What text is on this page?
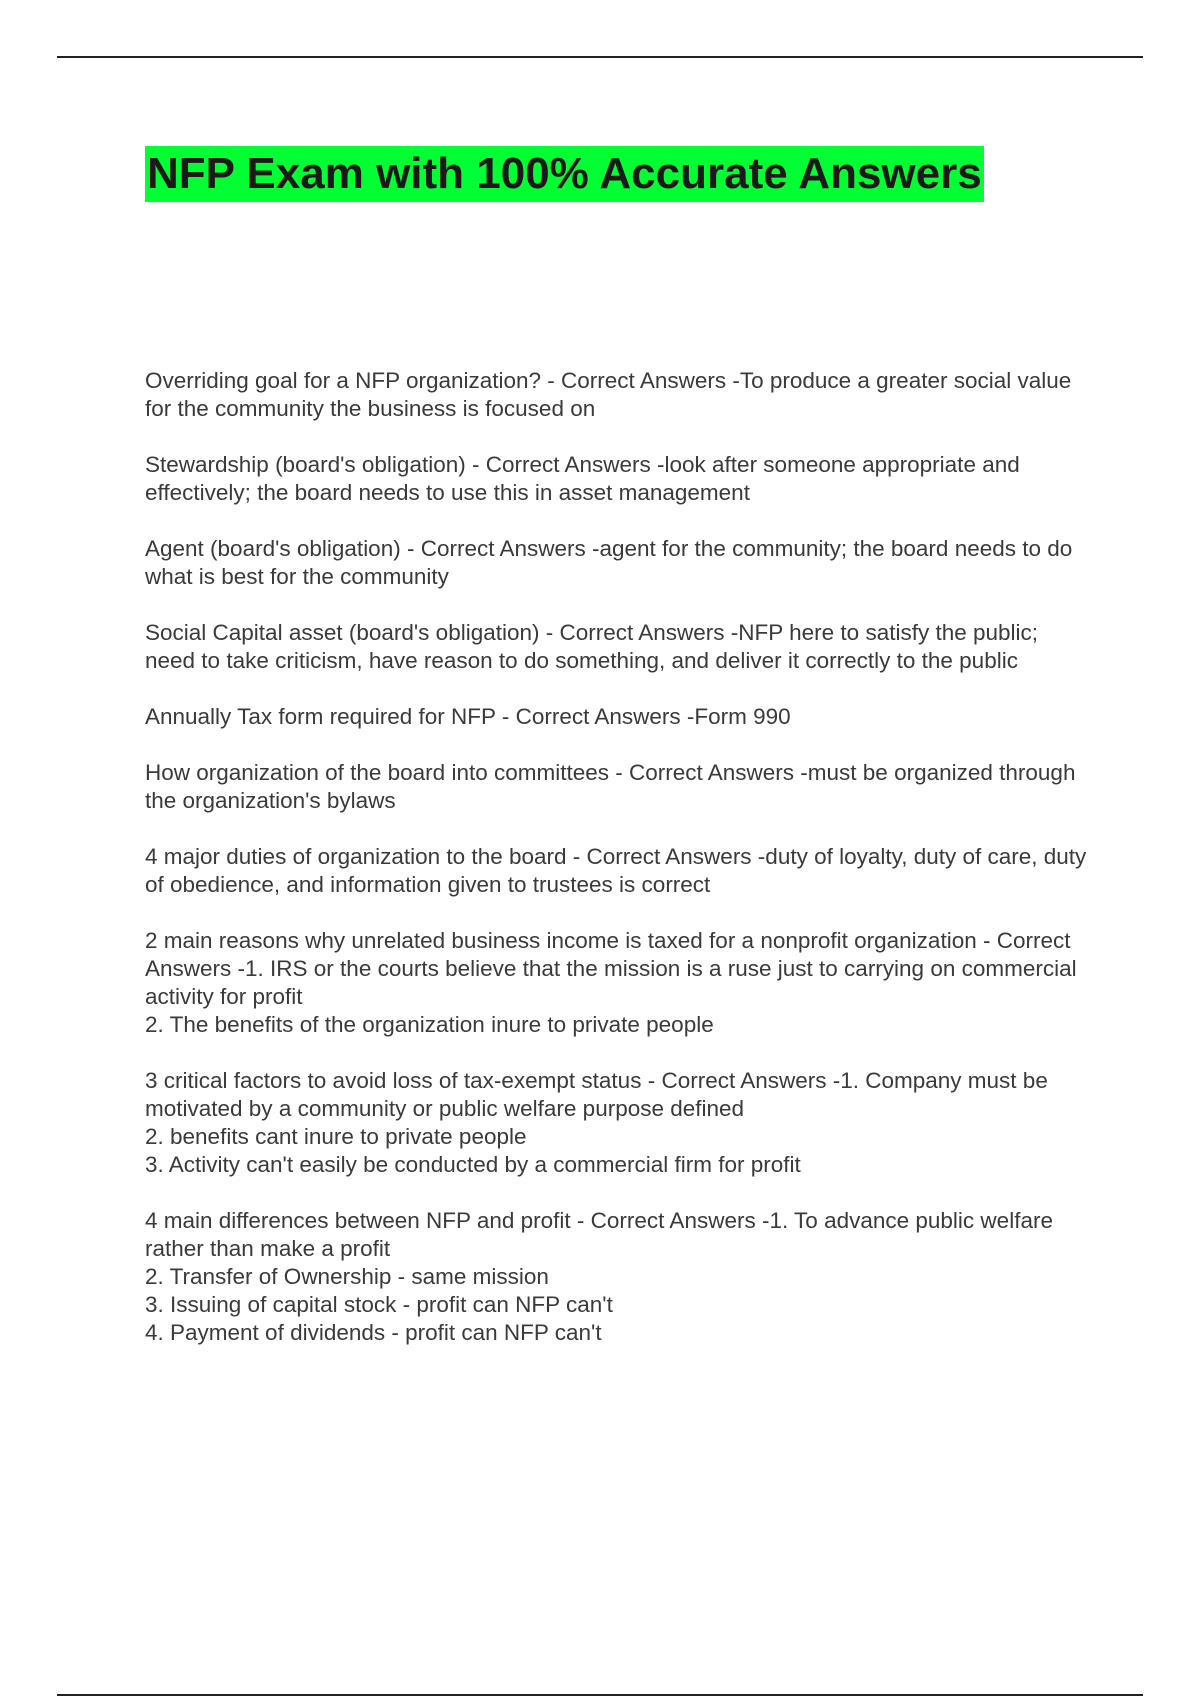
NFP Exam with 100% Accurate Answers

Overriding goal for a NFP organization? - Correct Answers -To produce a greater social value for the community the business is focused on

Stewardship (board's obligation) - Correct Answers -look after someone appropriate and effectively; the board needs to use this in asset management

Agent (board's obligation) - Correct Answers -agent for the community; the board needs to do what is best for the community

Social Capital asset (board's obligation) - Correct Answers -NFP here to satisfy the public; need to take criticism, have reason to do something, and deliver it correctly to the public

Annually Tax form required for NFP - Correct Answers -Form 990

How organization of the board into committees - Correct Answers -must be organized through the organization's bylaws

4 major duties of organization to the board - Correct Answers -duty of loyalty, duty of care, duty of obedience, and information given to trustees is correct

2 main reasons why unrelated business income is taxed for a nonprofit organization - Correct Answers -1. IRS or the courts believe that the mission is a ruse just to carrying on commercial activity for profit

2. The benefits of the organization inure to private people

3 critical factors to avoid loss of tax-exempt status - Correct Answers -1. Company must be motivated by a community or public welfare purpose defined

2. benefits cant inure to private people

3. Activity can't easily be conducted by a commercial firm for profit

4 main differences between NFP and profit - Correct Answers -1. To advance public welfare rather than make a profit

2. Transfer of Ownership - same mission

3. Issuing of capital stock - profit can NFP can't

4. Payment of dividends - profit can NFP can't
